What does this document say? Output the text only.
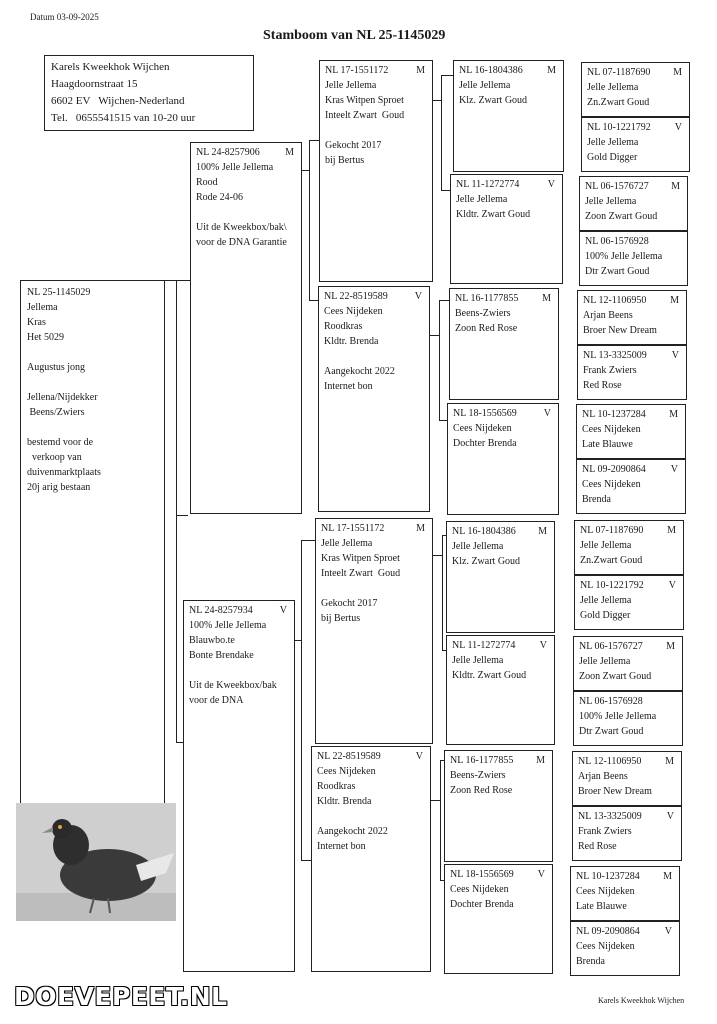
Datum 03-09-2025
Stamboom van NL 25-1145029
Karels Kweekhok Wijchen
Haagdoornstraat 15
6602 EV   Wijchen-Nederland
Tel.   0655541515 van 10-20 uur
NL 25-1145029
Jellema
Kras
Het 5029

Augustus jong

Jellena/Nijdekker
Beens/Zwiers

bestemd voor de
verkoop van
duivenmarktplaats
20j arig bestaan
NL 24-8257906	M
100% Jelle Jellema
Rood
Rode 24-06

Uit de Kweekbox/bak\
voor de DNA Garantie
NL 24-8257934	V
100% Jelle Jellema
Blauwbo.te
Bonte Brendake

Uit de Kweekbox/bak
voor de DNA
NL 17-1551172	M
Jelle Jellema
Kras Witpen Sproet
Inteelt Zwart  Goud

Gekocht 2017
bij Bertus
NL 22-8519589	V
Cees Nijdeken
Roodkras
Kldtr. Brenda

Aangekocht 2022
Internet bon
NL 17-1551172	M
Jelle Jellema
Kras Witpen Sproet
Inteelt Zwart  Goud

Gekocht 2017
bij Bertus
NL 22-8519589	V
Cees Nijdeken
Roodkras
Kldtr. Brenda

Aangekocht 2022
Internet bon
NL 16-1804386 M
Jelle Jellema
Klz. Zwart Goud
NL 11-1272774	V
Jelle Jellema
Kldtr. Zwart Goud
NL 16-1177855 M
Beens-Zwiers
Zoon Red Rose
NL 18-1556569	V
Cees Nijdeken
Dochter Brenda
NL 16-1804386 M
Jelle Jellema
Klz. Zwart Goud
NL 11-1272774 V
Jelle Jellema
Kldtr. Zwart Goud
NL 16-1177855 M
Beens-Zwiers
Zoon Red Rose
NL 18-1556569 V
Cees Nijdeken
Dochter Brenda
NL 07-1187690 M
Jelle Jellema
Zn.Zwart Goud
NL 10-1221792 V
Jelle Jellema
Gold Digger
NL 06-1576727 M
Jelle Jellema
Zoon Zwart Goud
NL 06-1576928
100% Jelle Jellema
Dtr Zwart Goud
NL 12-1106950 M
Arjan Beens
Broer New Dream
NL 13-3325009 V
Frank Zwiers
Red Rose
NL 10-1237284 M
Cees Nijdeken
Late Blauwe
NL 09-2090864 V
Cees Nijdeken
Brenda
NL 07-1187690 M
Jelle Jellema
Zn.Zwart Goud
NL 10-1221792 V
Jelle Jellema
Gold Digger
NL 06-1576727 M
Jelle Jellema
Zoon Zwart Goud
NL 06-1576928
100% Jelle Jellema
Dtr Zwart Goud
NL 12-1106950 M
Arjan Beens
Broer New Dream
NL 13-3325009 V
Frank Zwiers
Red Rose
NL 10-1237284 M
Cees Nijdeken
Late Blauwe
NL 09-2090864 V
Cees Nijdeken
Brenda
DOEVEPEET.NL	Karels Kweekhok Wijchen
